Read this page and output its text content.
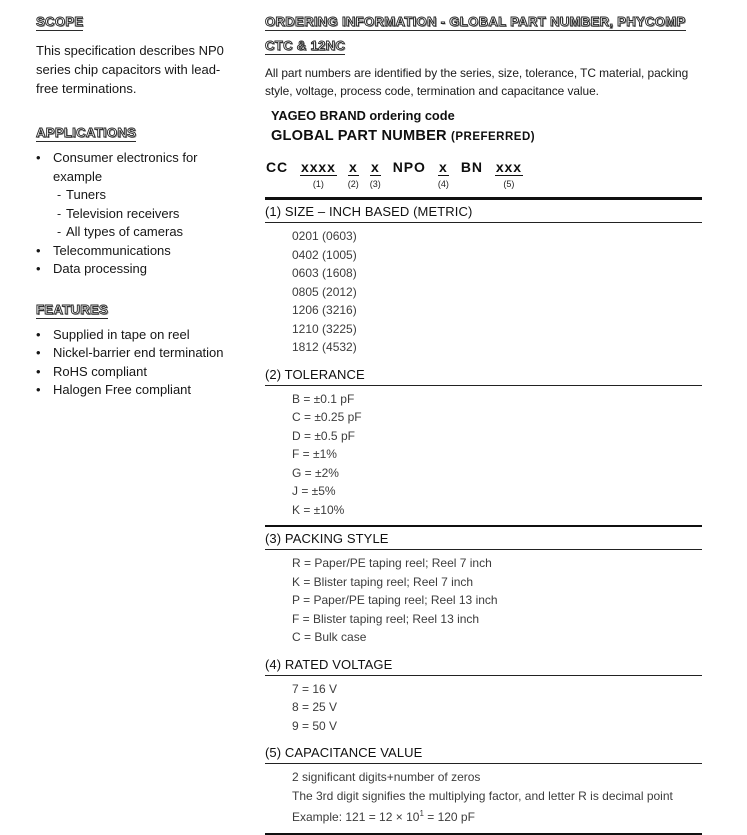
SCOPE

This specification describes NP0 series chip capacitors with lead-free terminations.

APPLICATIONS
• Consumer electronics for example
- Tuners
- Television receivers
- All types of cameras
• Telecommunications
• Data processing
FEATURES
• Supplied in tape on reel
• Nickel-barrier end termination
• RoHS compliant
• Halogen Free compliant
ORDERING INFORMATION - GLOBAL PART NUMBER, PHYCOMP
CTC & 12NC

All part numbers are identified by the series, size, tolerance, TC material, packing style, voltage, process code, termination and capacitance value.

YAGEO BRAND ordering code
GLOBAL PART NUMBER (PREFERRED)
CC xxxx
(1)
x
(2)
x
(3)
NPO x
(4)
BN xxx
(5)
(1) SIZE – INCH BASED (METRIC)
0201 (0603)
0402 (1005)
0603 (1608)
0805 (2012)
1206 (3216)
1210 (3225)
1812 (4532)
(2) TOLERANCE
B = ±0.1 pF
C = ±0.25 pF
D = ±0.5 pF
F = ±1%
G = ±2%
J = ±5%
K = ±10%
(3) PACKING STYLE
R = Paper/PE taping reel; Reel 7 inch
K = Blister taping reel; Reel 7 inch
P = Paper/PE taping reel; Reel 13 inch
F = Blister taping reel; Reel 13 inch
C = Bulk case
(4) RATED VOLTAGE
7 = 16 V
8 = 25 V
9 = 50 V
(5) CAPACITANCE VALUE
2 significant digits+number of zeros
The 3rd digit signifies the multiplying factor, and letter R is decimal point
Example: $121 = 12 \times 10^1 = 120$ pF
